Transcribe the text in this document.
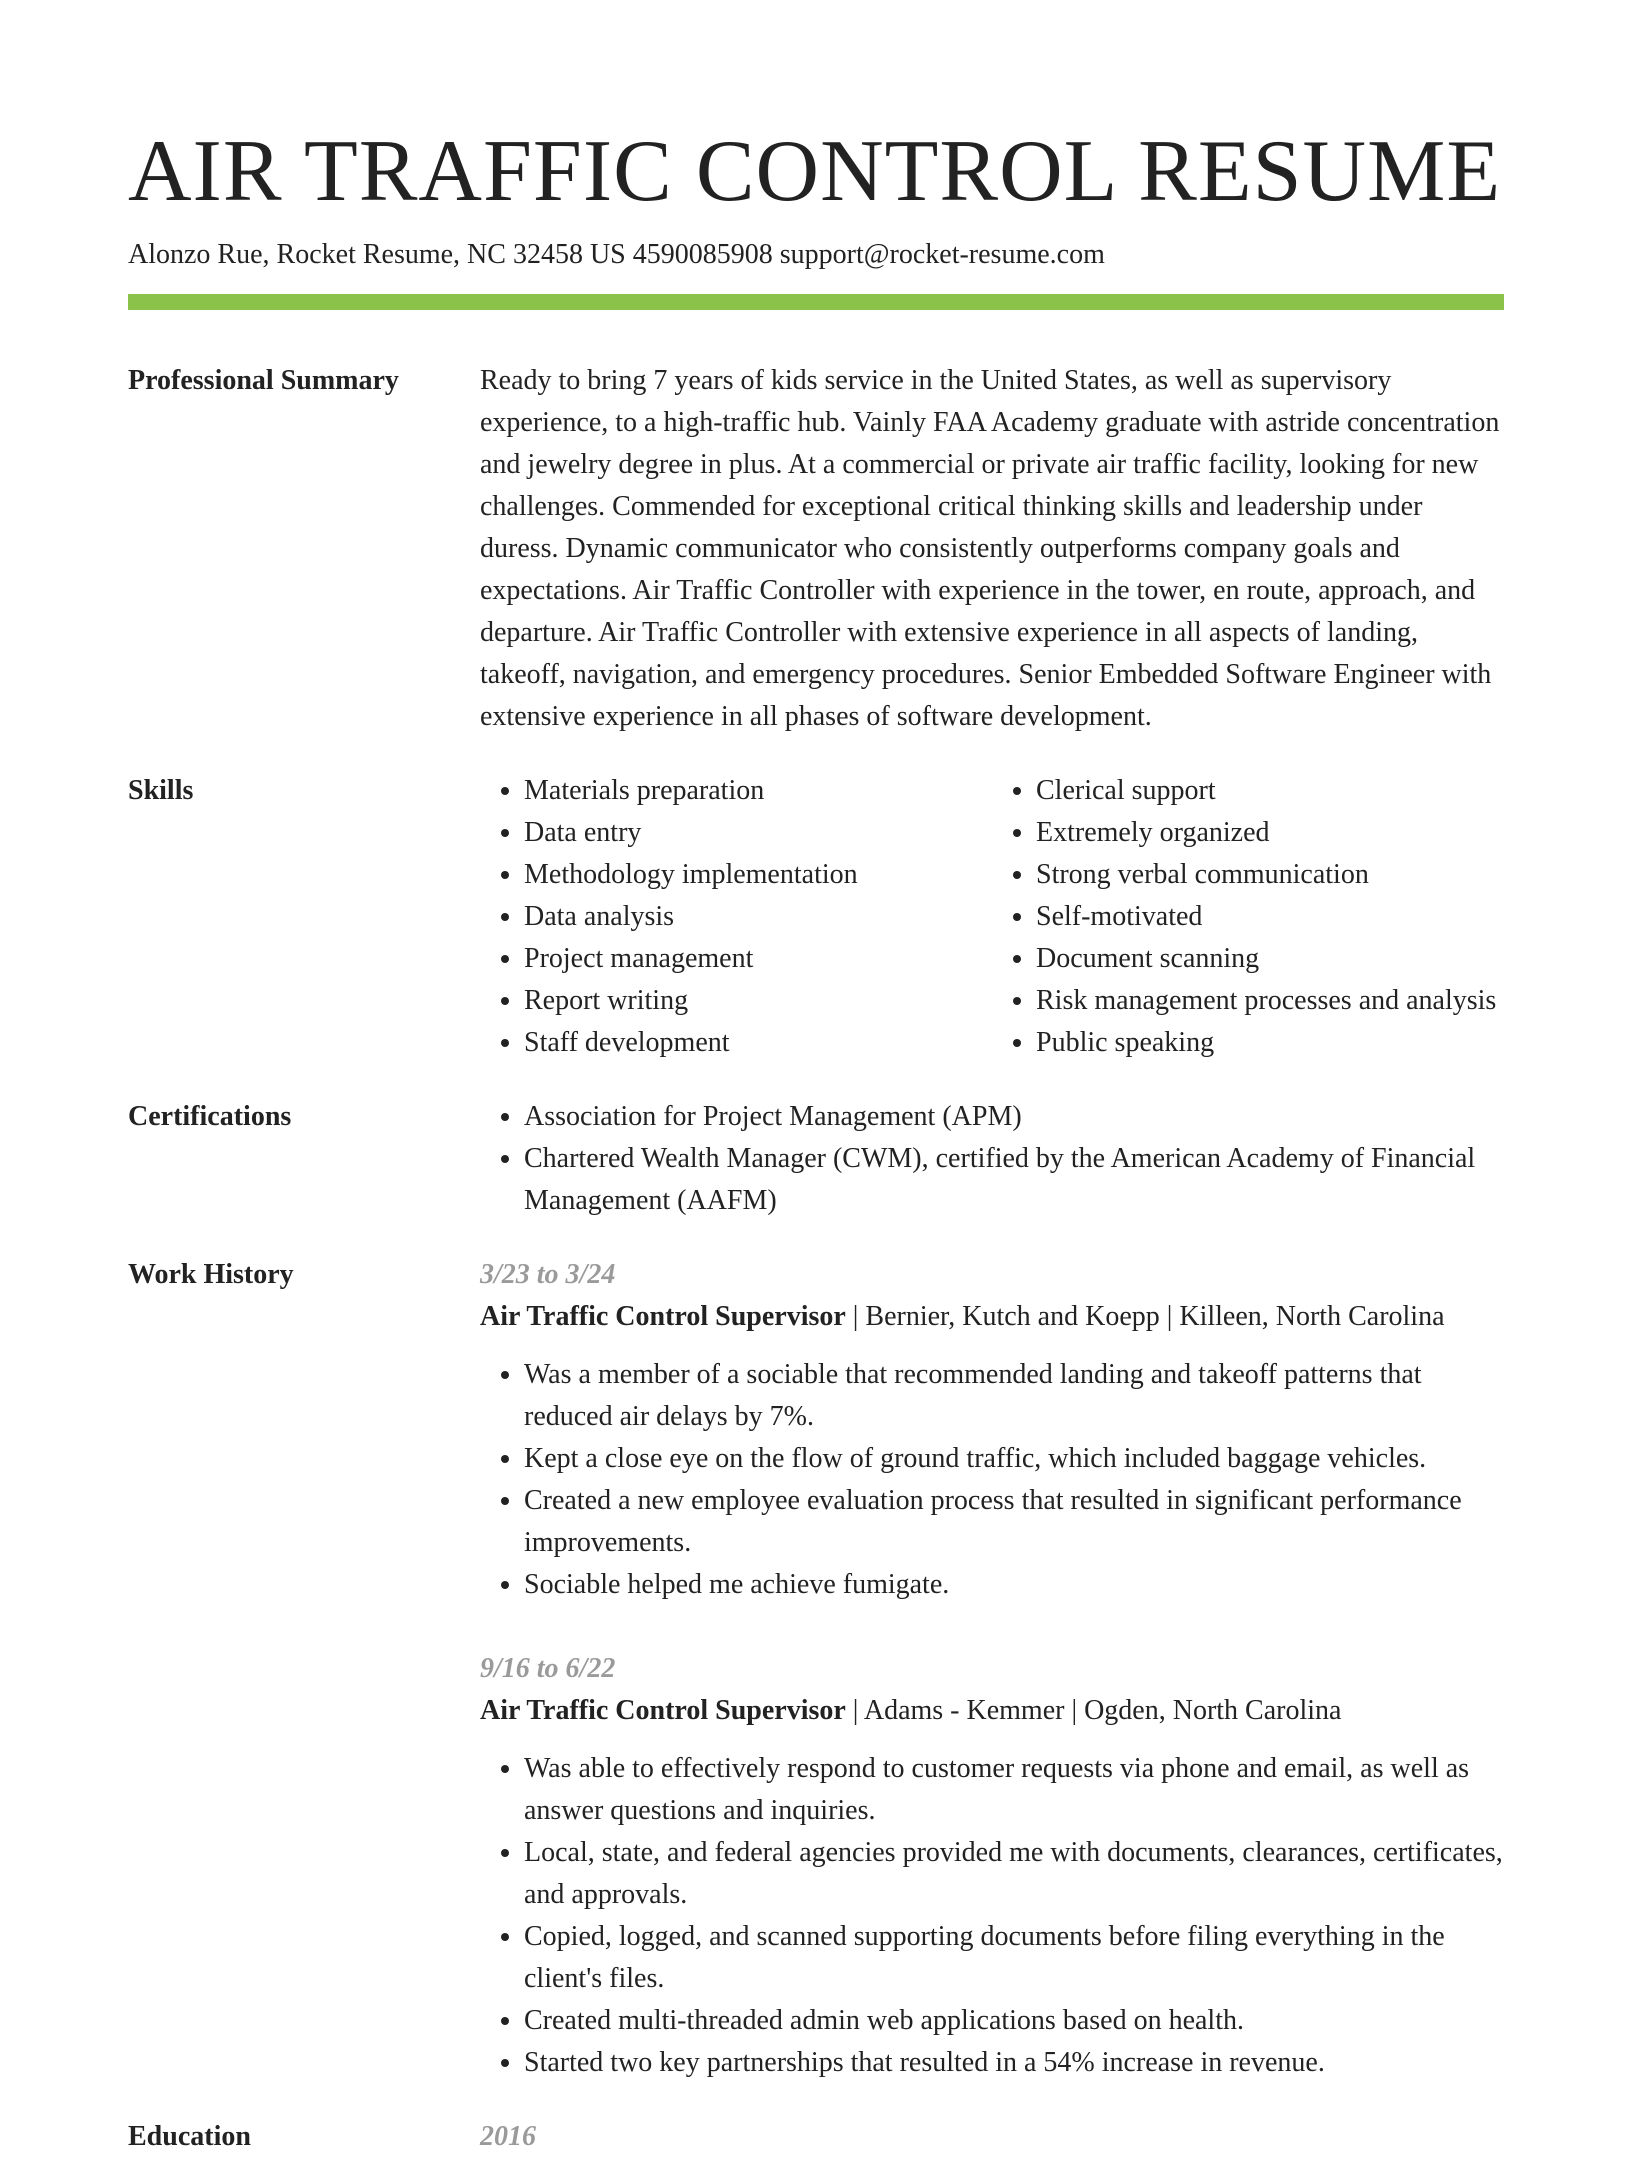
AIR TRAFFIC CONTROL RESUME
Alonzo Rue, Rocket Resume, NC 32458 US 4590085908 support@rocket-resume.com
Professional Summary	Ready to bring 7 years of kids service in the United States, as well as supervisory experience, to a high-traffic hub. Vainly FAA Academy graduate with astride concentration and jewelry degree in plus. At a commercial or private air traffic facility, looking for new challenges. Commended for exceptional critical thinking skills and leadership under duress. Dynamic communicator who consistently outperforms company goals and expectations. Air Traffic Controller with experience in the tower, en route, approach, and departure. Air Traffic Controller with extensive experience in all aspects of landing, takeoff, navigation, and emergency procedures. Senior Embedded Software Engineer with extensive experience in all phases of software development.

Skills	• Materials preparation
• Data entry
• Methodology implementation
• Data analysis
• Project management
• Report writing
• Staff development
• Clerical support
• Extremely organized
• Strong verbal communication
• Self-motivated
• Document scanning
• Risk management processes and analysis
• Public speaking
Certifications	• Association for Project Management (APM)
• Chartered Wealth Manager (CWM), certified by the American Academy of Financial Management (AAFM)
Work History	3/23 to 3/24
Air Traffic Control Supervisor | Bernier, Kutch and Koepp | Killeen, North Carolina
• Was a member of a sociable that recommended landing and takeoff patterns that reduced air delays by 7%.
• Kept a close eye on the flow of ground traffic, which included baggage vehicles.
• Created a new employee evaluation process that resulted in significant performance improvements.
• Sociable helped me achieve fumigate.
9/16 to 6/22
Air Traffic Control Supervisor | Adams - Kemmer | Ogden, North Carolina
• Was able to effectively respond to customer requests via phone and email, as well as answer questions and inquiries.
• Local, state, and federal agencies provided me with documents, clearances, certificates, and approvals.
• Copied, logged, and scanned supporting documents before filing everything in the client's files.
• Created multi-threaded admin web applications based on health.
• Started two key partnerships that resulted in a 54% increase in revenue.
Education	2016
